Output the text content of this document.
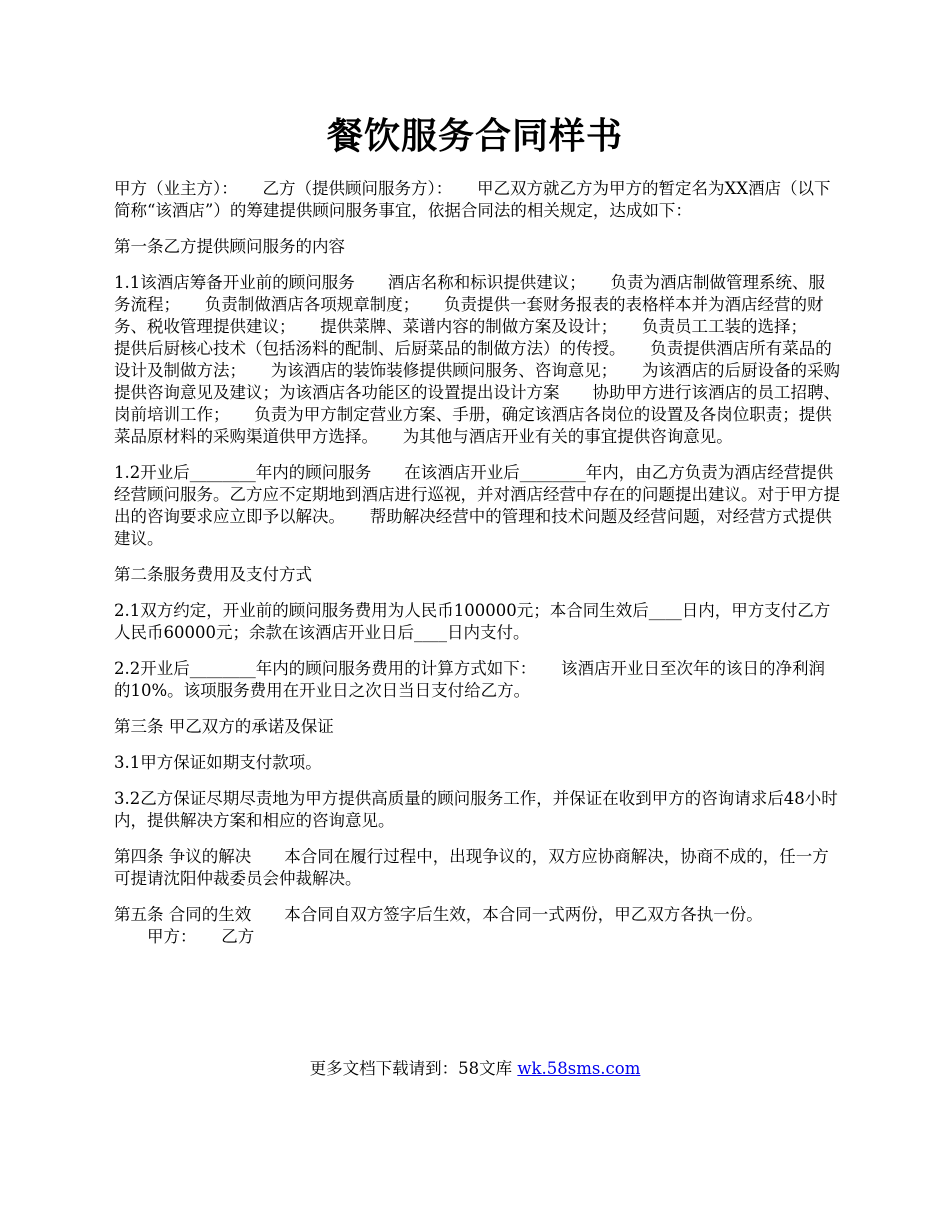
餐饮服务合同样书

甲方（业主方）：　　乙方（提供顾问服务方）：　　甲乙双方就乙方为甲方的暂定名为XX酒店（以下简称“该酒店”）的筹建提供顾问服务事宜，依据合同法的相关规定，达成如下：

第一条乙方提供顾问服务的内容

1.1该酒店筹备开业前的顾问服务　　酒店名称和标识提供建议；　　负责为酒店制做管理系统、服务流程；　　负责制做酒店各项规章制度；　　负责提供一套财务报表的表格样本并为酒店经营的财务、税收管理提供建议；　　提供菜牌、菜谱内容的制做方案及设计；　　负责员工工装的选择；　　提供后厨核心技术（包括汤料的配制、后厨菜品的制做方法）的传授。　　负责提供酒店所有菜品的设计及制做方法；　　为该酒店的装饰装修提供顾问服务、咨询意见；　　为该酒店的后厨设备的采购提供咨询意见及建议；为该酒店各功能区的设置提出设计方案　　协助甲方进行该酒店的员工招聘、岗前培训工作；　　负责为甲方制定营业方案、手册，确定该酒店各岗位的设置及各岗位职责；提供菜品原材料的采购渠道供甲方选择。　　为其他与酒店开业有关的事宜提供咨询意见。

1.2开业后________年内的顾问服务　　在该酒店开业后________年内，由乙方负责为酒店经营提供经营顾问服务。乙方应不定期地到酒店进行巡视，并对酒店经营中存在的问题提出建议。对于甲方提出的咨询要求应立即予以解决。　　帮助解决经营中的管理和技术问题及经营问题，对经营方式提供建议。

第二条服务费用及支付方式

2.1双方约定，开业前的顾问服务费用为人民币100000元；本合同生效后____日内，甲方支付乙方人民币60000元；余款在该酒店开业日后____日内支付。

2.2开业后________年内的顾问服务费用的计算方式如下：　　该酒店开业日至次年的该日的净利润的10%。该项服务费用在开业日之次日当日支付给乙方。

第三条 甲乙双方的承诺及保证

3.1甲方保证如期支付款项。

3.2乙方保证尽期尽责地为甲方提供高质量的顾问服务工作，并保证在收到甲方的咨询请求后48小时内，提供解决方案和相应的咨询意见。

第四条 争议的解决　　本合同在履行过程中，出现争议的，双方应协商解决，协商不成的，任一方可提请沈阳仲裁委员会仲裁解决。

第五条 合同的生效　　本合同自双方签字后生效，本合同一式两份，甲乙双方各执一份。

　　甲方：　　乙方

更多文档下载请到：58文库 wk.58sms.com
